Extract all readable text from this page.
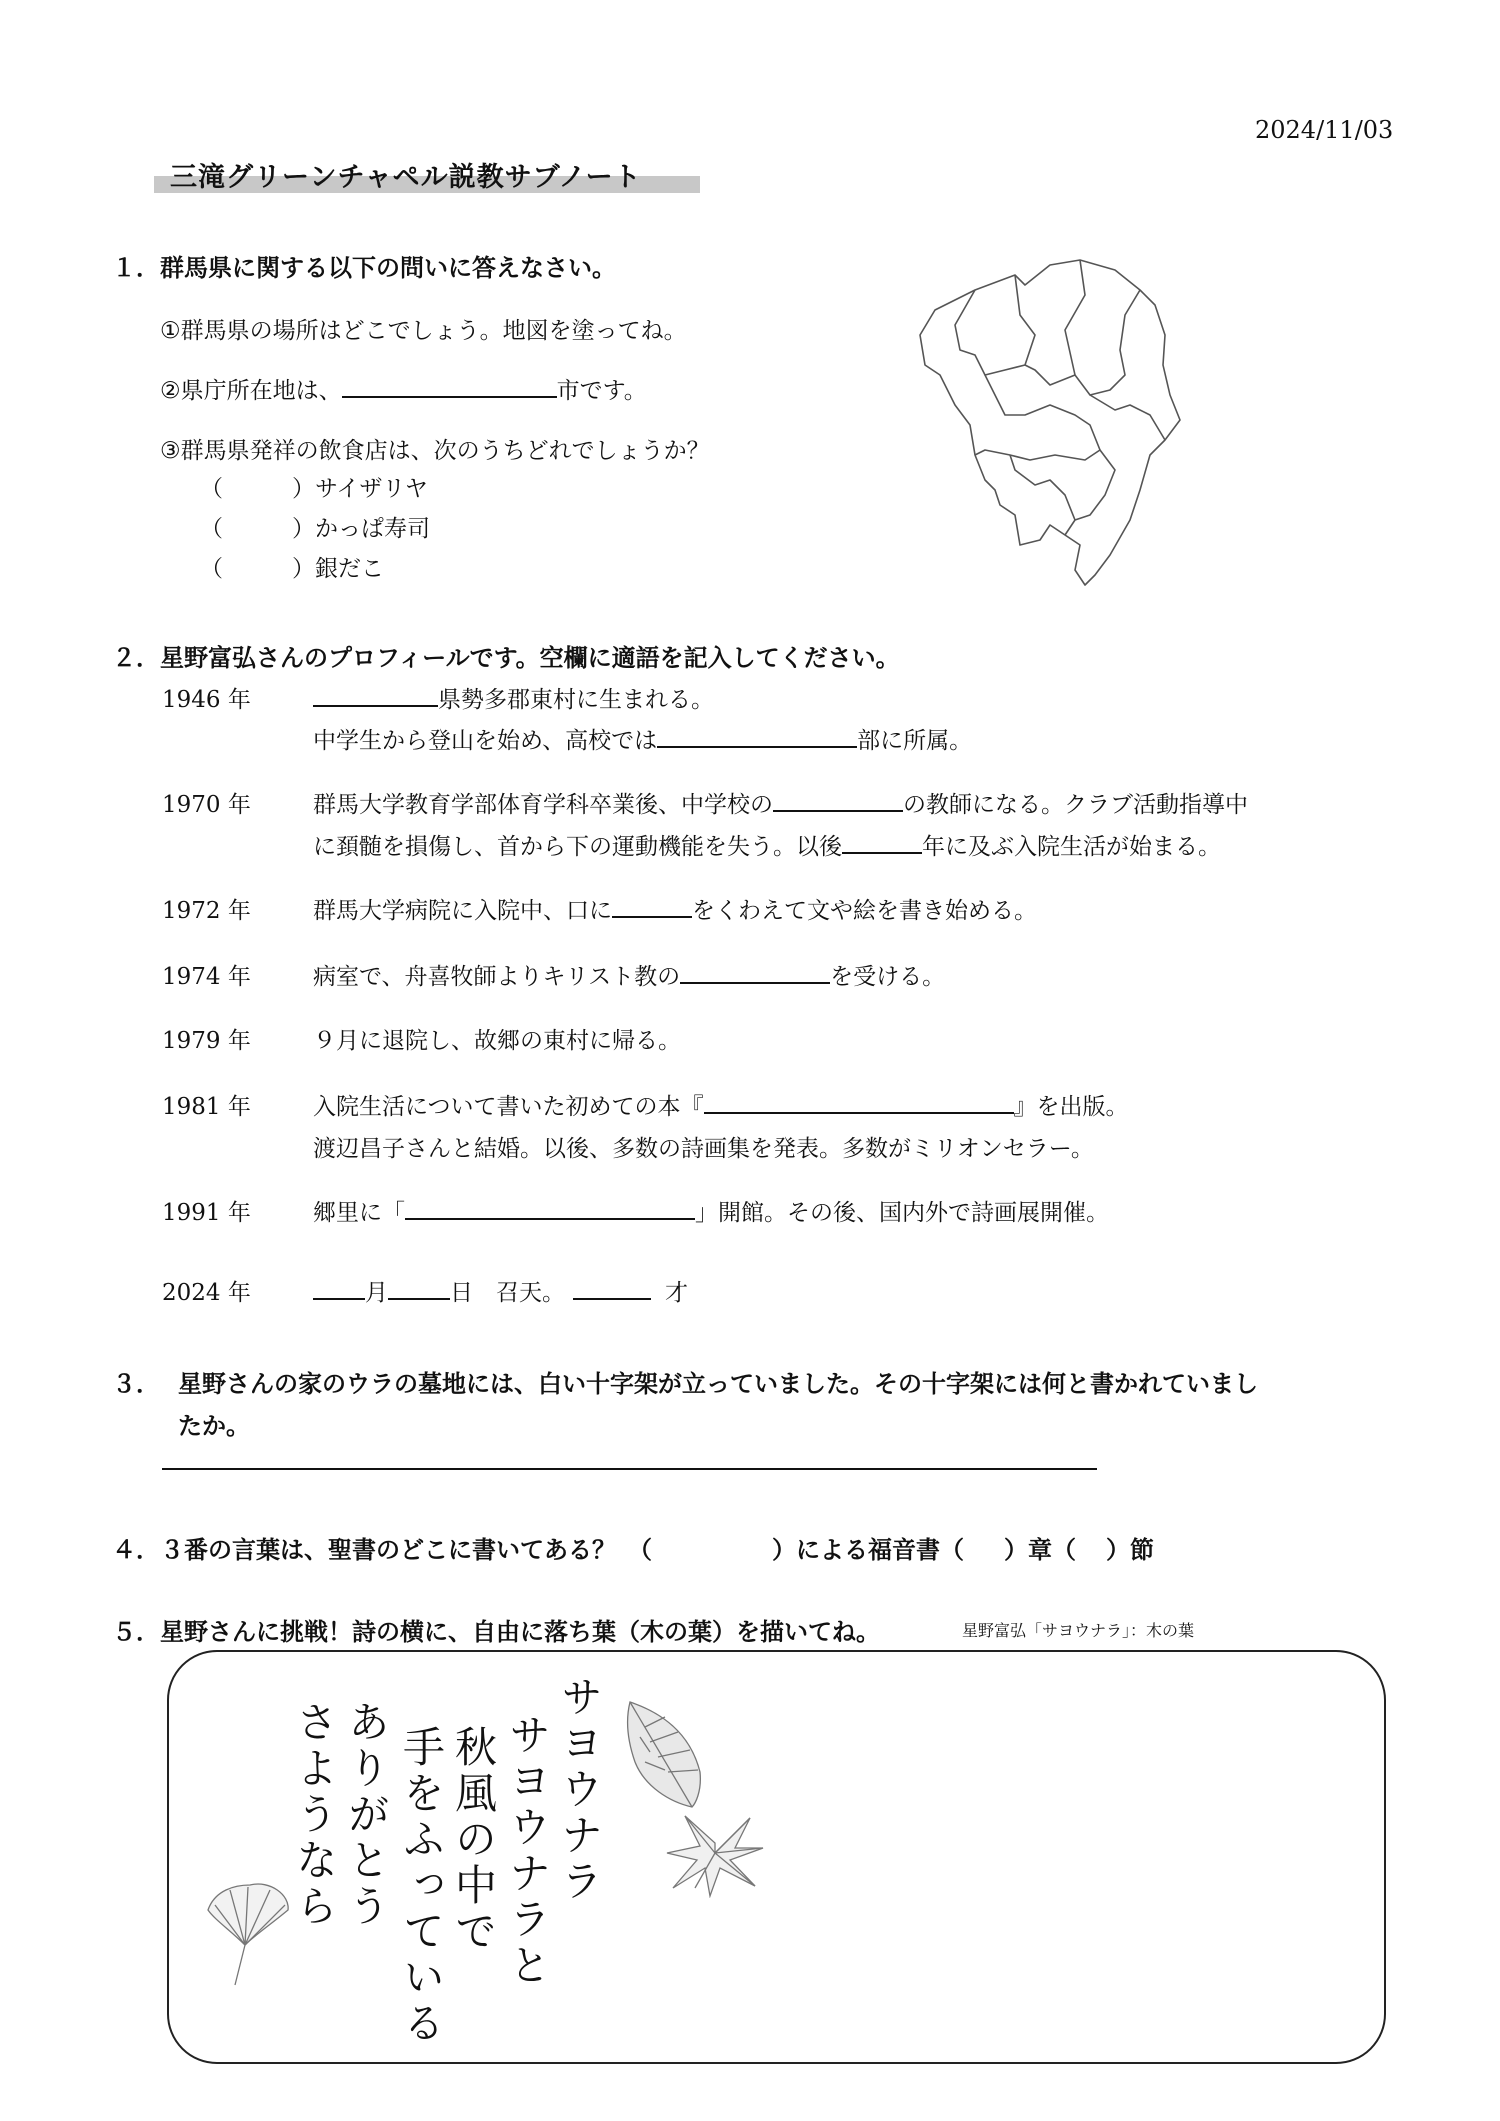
2024/11/03
三滝グリーンチャペル説教サブノート
１．群馬県に関する以下の問いに答えなさい。
①群馬県の場所はどこでしょう。地図を塗ってね。
②県庁所在地は、	市です。
③群馬県発祥の飲食店は、次のうちどれでしょうか？
（　　　）サイザリヤ
（　　　）かっぱ寿司
（　　　）銀だこ
２．星野富弘さんのプロフィールです。空欄に適語を記入してください。
1946 年	県勢多郡東村に生まれる。
中学生から登山を始め、高校では	部に所属。
1970 年	群馬大学教育学部体育学科卒業後、中学校の	の教師になる。クラブ活動指導中
に頚髄を損傷し、首から下の運動機能を失う。以後	年に及ぶ入院生活が始まる。
1972 年	群馬大学病院に入院中、口に	をくわえて文や絵を書き始める。
1974 年	病室で、舟喜牧師よりキリスト教の	を受ける。
1979 年	９月に退院し、故郷の東村に帰る。
1981 年	入院生活について書いた初めての本『	』を出版。
渡辺昌子さんと結婚。以後、多数の詩画集を発表。多数がミリオンセラー。
1991 年	郷里に「	」開館。その後、国内外で詩画展開催。
2024 年	月	日　召天。	才
３． 星野さんの家のウラの墓地には、白い十字架が立っていました。その十字架には何と書かれていまし
たか。
４．３番の言葉は、聖書のどこに書いてある？　（	）による福音書（ ）章（ ）節
５．星野さんに挑戦！詩の横に、自由に落ち葉（木の葉）を描いてね。	星野富弘「サヨウナラ」：木の葉
サヨウナラ
サヨウナラと
秋風の中で
手をふっている
ありがとう
さようなら
